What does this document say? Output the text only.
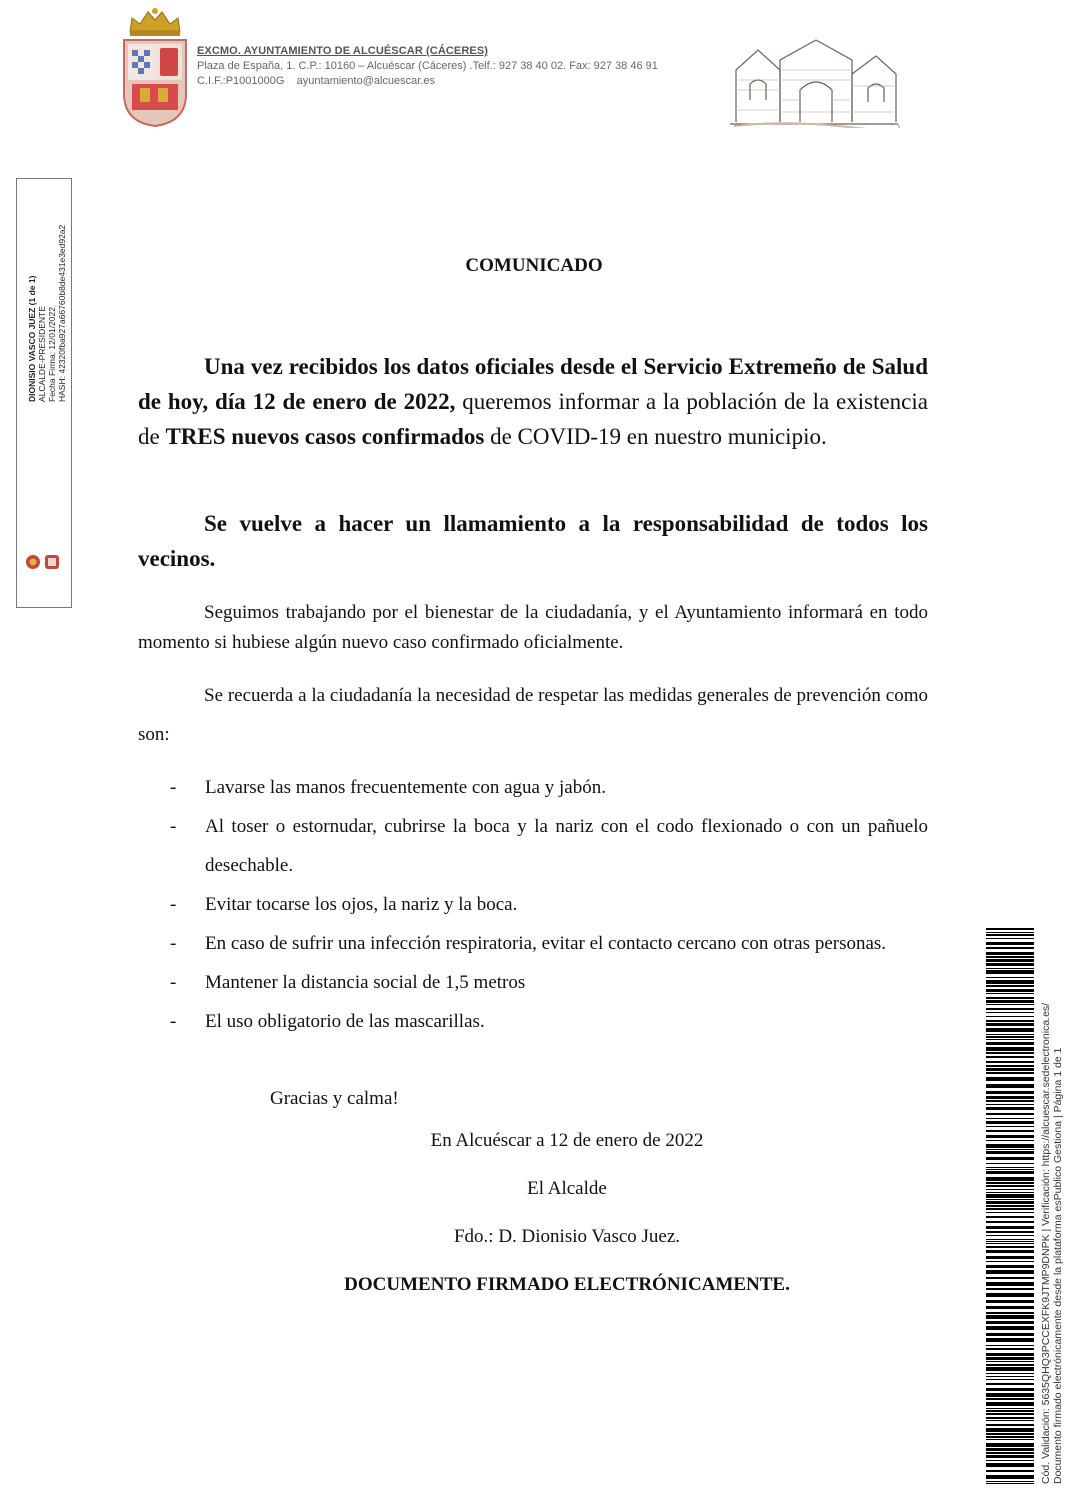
EXCMO. AYUNTAMIENTO DE ALCUÉSCAR (CÁCERES)
Plaza de España, 1. C.P.: 10160 – Alcuéscar (Cáceres) .Telf.: 927 38 40 02. Fax: 927 38 46 91
C.I.F.:P1001000G    ayuntamiento@alcuescar.es
DIONISIO VASCO JUEZ (1 de 1) ALCALDE-PRESIDENTE Fecha Firma: 12/01/2022 HASH: 42320fba927a66760b8de431e3ed92a2	COMUNICADO
Una vez recibidos los datos oficiales desde el Servicio Extremeño de Salud de hoy, día 12 de enero de 2022, queremos informar a la población de la existencia de TRES nuevos casos confirmados de COVID-19 en nuestro municipio.
Se vuelve a hacer un llamamiento a la responsabilidad de todos los vecinos.
Seguimos trabajando por el bienestar de la ciudadanía, y el Ayuntamiento informará en todo momento si hubiese algún nuevo caso confirmado oficialmente.
Se recuerda a la ciudadanía la necesidad de respetar las medidas generales de prevención como son:
- Lavarse las manos frecuentemente con agua y jabón.
- Al toser o estornudar, cubrirse la boca y la nariz con el codo flexionado o con un pañuelo desechable.
- Evitar tocarse los ojos, la nariz y la boca.
- En caso de sufrir una infección respiratoria, evitar el contacto cercano con otras personas.
- Mantener la distancia social de 1,5 metros
- El uso obligatorio de las mascarillas.
Gracias y calma!
En Alcuéscar a 12 de enero de 2022
El Alcalde
Fdo.: D. Dionisio Vasco Juez.
DOCUMENTO FIRMADO ELECTRÓNICAMENTE.	Cód. Validación: 5635QHQ3PCCEXFK9JTMP9DNPK | Verificación: https://alcuescar.sedelectronica.es/ Documento firmado electrónicamente desde la plataforma esPublico Gestiona | Página 1 de 1
